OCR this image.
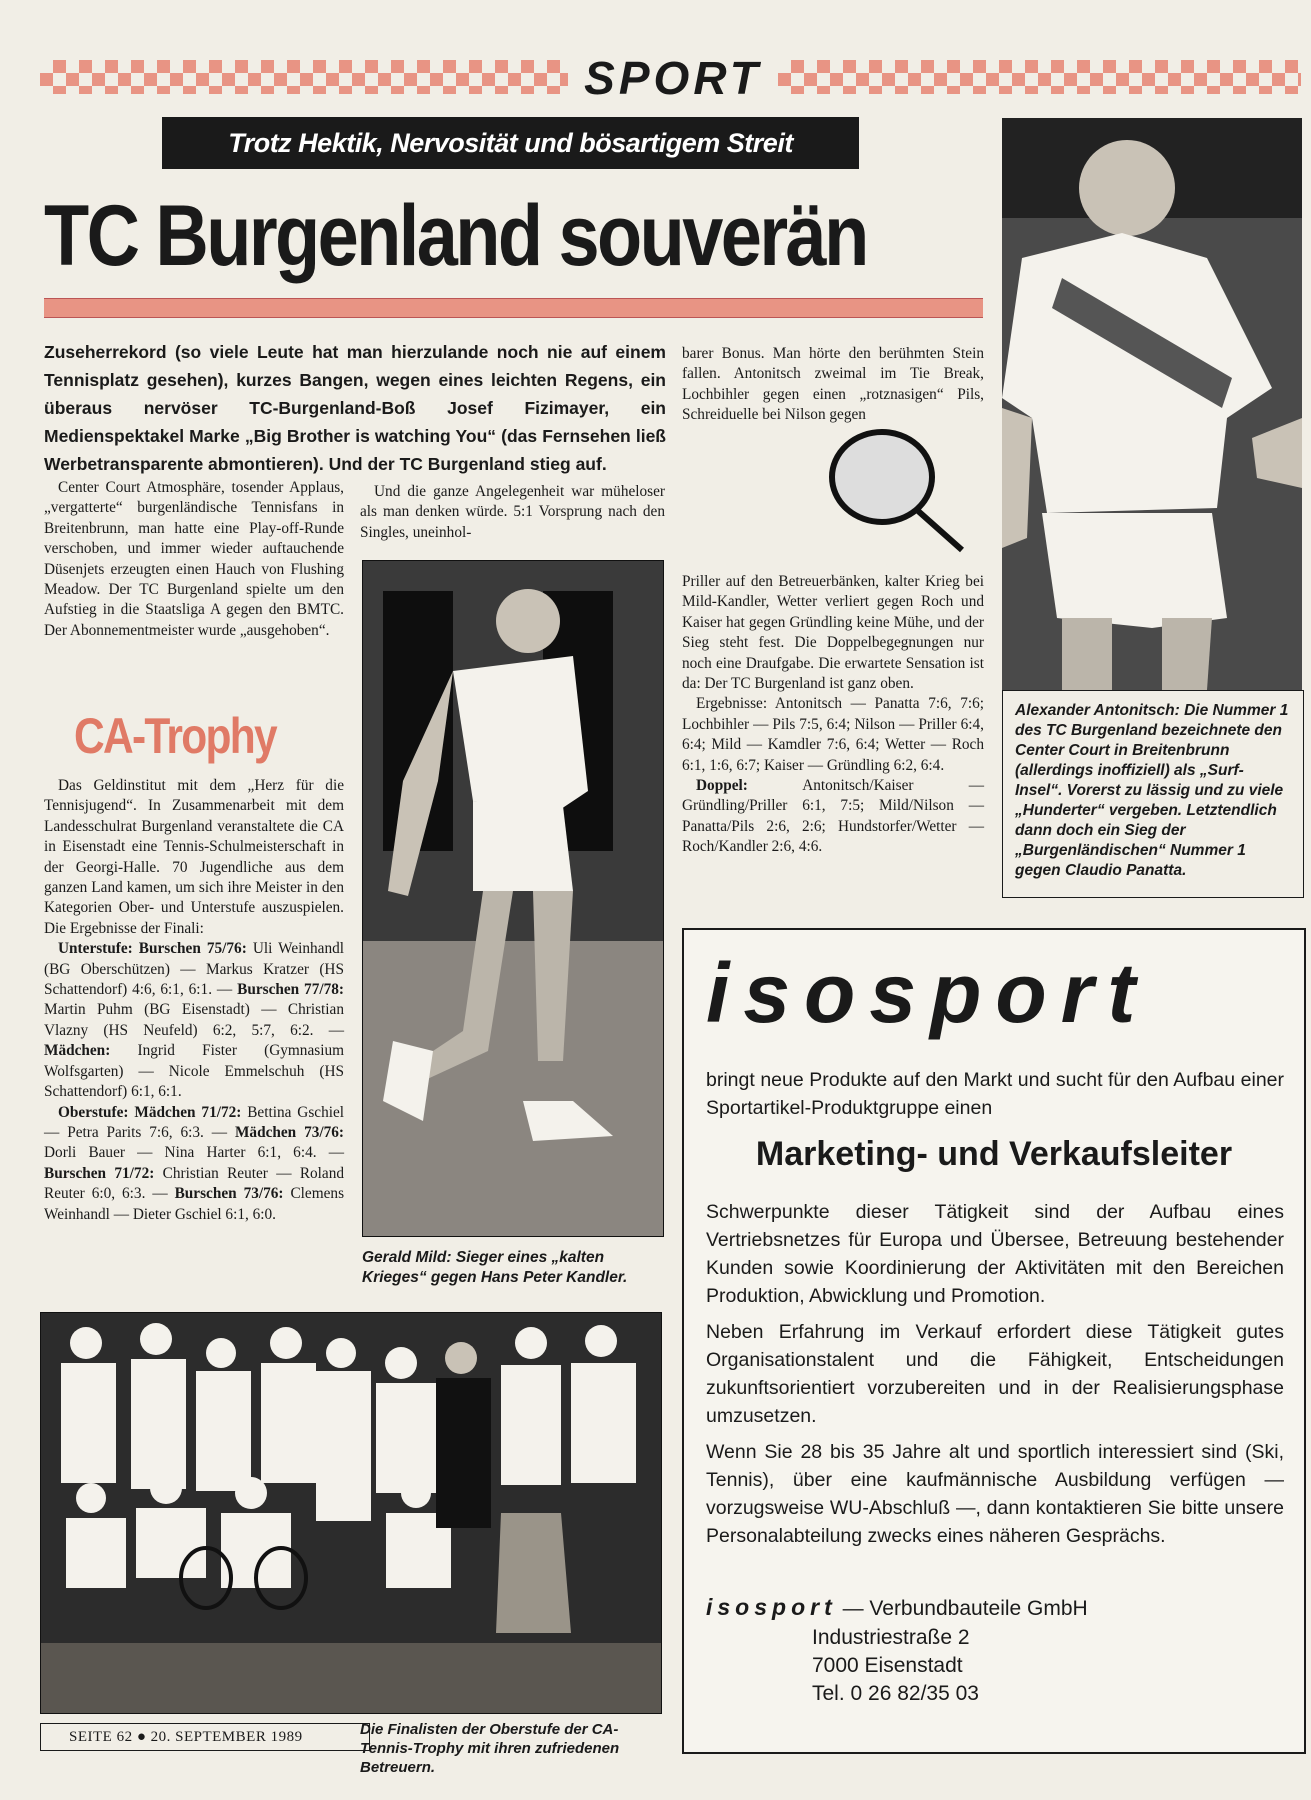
SPORT
Trotz Hektik, Nervosität und bösartigem Streit
TC Burgenland souverän
Zuseherrekord (so viele Leute hat man hierzulande noch nie auf einem Tennisplatz gesehen), kurzes Bangen, wegen eines leichten Regens, ein überaus nervöser TC-Burgenland-Boß Josef Fizimayer, ein Medienspektakel Marke „Big Brother is watching You“ (das Fernsehen ließ Werbetransparente abmontieren). Und der TC Burgenland stieg auf.

Center Court Atmosphäre, tosender Applaus, „vergatterte“ burgenländische Tennisfans in Breitenbrunn, man hatte eine Play-off-Runde verschoben, und immer wieder auftauchende Düsenjets erzeugten einen Hauch von Flushing Meadow. Der TC Burgenland spielte um den Aufstieg in die Staatsliga A gegen den BMTC. Der Abonnementmeister wurde „ausgehoben“.

CA-Trophy

Das Geldinstitut mit dem „Herz für die Tennisjugend“. In Zusammenarbeit mit dem Landesschulrat Burgenland veranstaltete die CA in Eisenstadt eine Tennis-Schulmeisterschaft in der Georgi-Halle. 70 Jugendliche aus dem ganzen Land kamen, um sich ihre Meister in den Kategorien Ober- und Unterstufe auszuspielen. Die Ergebnisse der Finali:

Unterstufe: Burschen 75/76: Uli Weinhandl (BG Oberschützen) — Markus Kratzer (HS Schattendorf) 4:6, 6:1, 6:1. — Burschen 77/78: Martin Puhm (BG Eisenstadt) — Christian Vlazny (HS Neufeld) 6:2, 5:7, 6:2. — Mädchen: Ingrid Fister (Gymnasium Wolfsgarten) — Nicole Emmelschuh (HS Schattendorf) 6:1, 6:1.

Oberstufe: Mädchen 71/72: Bettina Gschiel — Petra Parits 7:6, 6:3. — Mädchen 73/76: Dorli Bauer — Nina Harter 6:1, 6:4. — Burschen 71/72: Christian Reuter — Roland Reuter 6:0, 6:3. — Burschen 73/76: Clemens Weinhandl — Dieter Gschiel 6:1, 6:0.

Und die ganze Angelegenheit war müheloser als man denken würde. 5:1 Vorsprung nach den Singles, uneinhol-

Gerald Mild: Sieger eines „kalten Krieges“ gegen Hans Peter Kandler.

barer Bonus. Man hörte den berühmten Stein fallen. Antonitsch zweimal im Tie Break, Lochbihler gegen einen „rotznasigen“ Pils, Schreiduelle bei Nilson gegen

Priller auf den Betreuerbänken, kalter Krieg bei Mild-Kandler, Wetter verliert gegen Roch und Kaiser hat gegen Gründling keine Mühe, und der Sieg steht fest. Die Doppelbegegnungen nur noch eine Draufgabe. Die erwartete Sensation ist da: Der TC Burgenland ist ganz oben.

Ergebnisse: Antonitsch — Panatta 7:6, 7:6; Lochbihler — Pils 7:5, 6:4; Nilson — Priller 6:4, 6:4; Mild — Kamdler 7:6, 6:4; Wetter — Roch 6:1, 1:6, 6:7; Kaiser — Gründling 6:2, 6:4.

Doppel:	Antonitsch/Kaiser — Gründling/Priller 6:1, 7:5; Mild/Nilson — Panatta/Pils 2:6, 2:6; Hundstorfer/Wetter — Roch/Kandler 2:6, 4:6.

Alexander Antonitsch: Die Nummer 1 des TC Burgenland bezeichnete den Center Court in Breitenbrunn (allerdings inoffiziell) als „Surf-Insel“. Vorerst zu lässig und zu viele „Hunderter“ vergeben. Letztendlich dann doch ein Sieg der „Burgenländischen“ Nummer 1 gegen Claudio Panatta.
Die Finalisten der Oberstufe der CA-Tennis-Trophy mit ihren zufriedenen Betreuern.
SEITE 62 ● 20. SEPTEMBER 1989
isosport
bringt neue Produkte auf den Markt und sucht für den Aufbau einer Sportartikel-Produktgruppe einen
Marketing- und Verkaufsleiter
Schwerpunkte dieser Tätigkeit sind der Aufbau eines Vertriebsnetzes für Europa und Übersee, Betreuung bestehender Kunden sowie Koordinierung der Aktivitäten mit den Bereichen Produktion, Abwicklung und Promotion.
Neben Erfahrung im Verkauf erfordert diese Tätigkeit gutes Organisationstalent und die Fähigkeit, Entscheidungen zukunftsorientiert vorzubereiten und in der Realisierungsphase umzusetzen.
Wenn Sie 28 bis 35 Jahre alt und sportlich interessiert sind (Ski, Tennis), über eine kaufmännische Ausbildung verfügen — vorzugsweise WU-Abschluß —, dann kontaktieren Sie bitte unsere Personalabteilung zwecks eines näheren Gesprächs.
isosport — Verbundbauteile GmbH
Industriestraße 2
7000 Eisenstadt
Tel. 0 26 82/35 03
